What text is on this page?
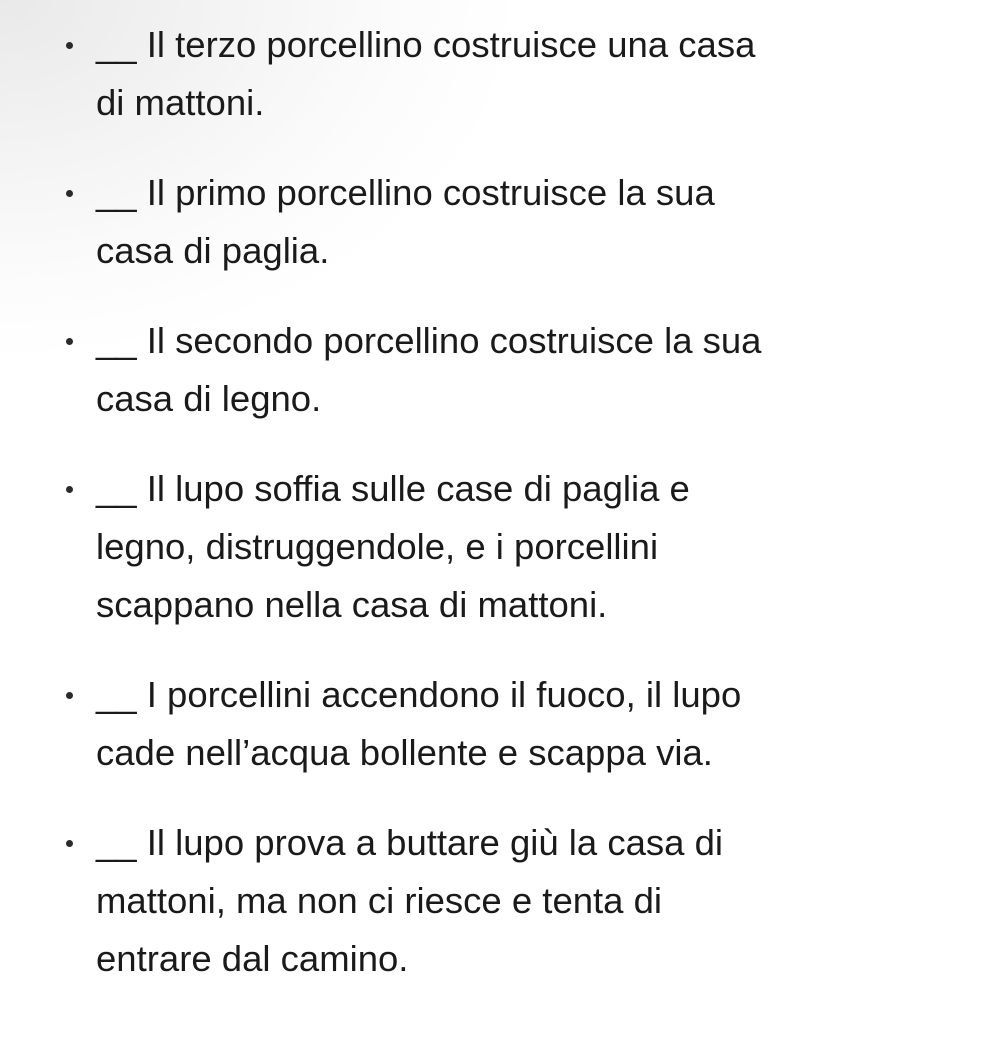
__ Il terzo porcellino costruisce una casa
di mattoni.
__ Il primo porcellino costruisce la sua
casa di paglia.
__ Il secondo porcellino costruisce la sua
casa di legno.
__ Il lupo soffia sulle case di paglia e
legno, distruggendole, e i porcellini
scappano nella casa di mattoni.
__ I porcellini accendono il fuoco, il lupo
cade nell’acqua bollente e scappa via.
__ Il lupo prova a buttare giù la casa di
mattoni, ma non ci riesce e tenta di
entrare dal camino.
